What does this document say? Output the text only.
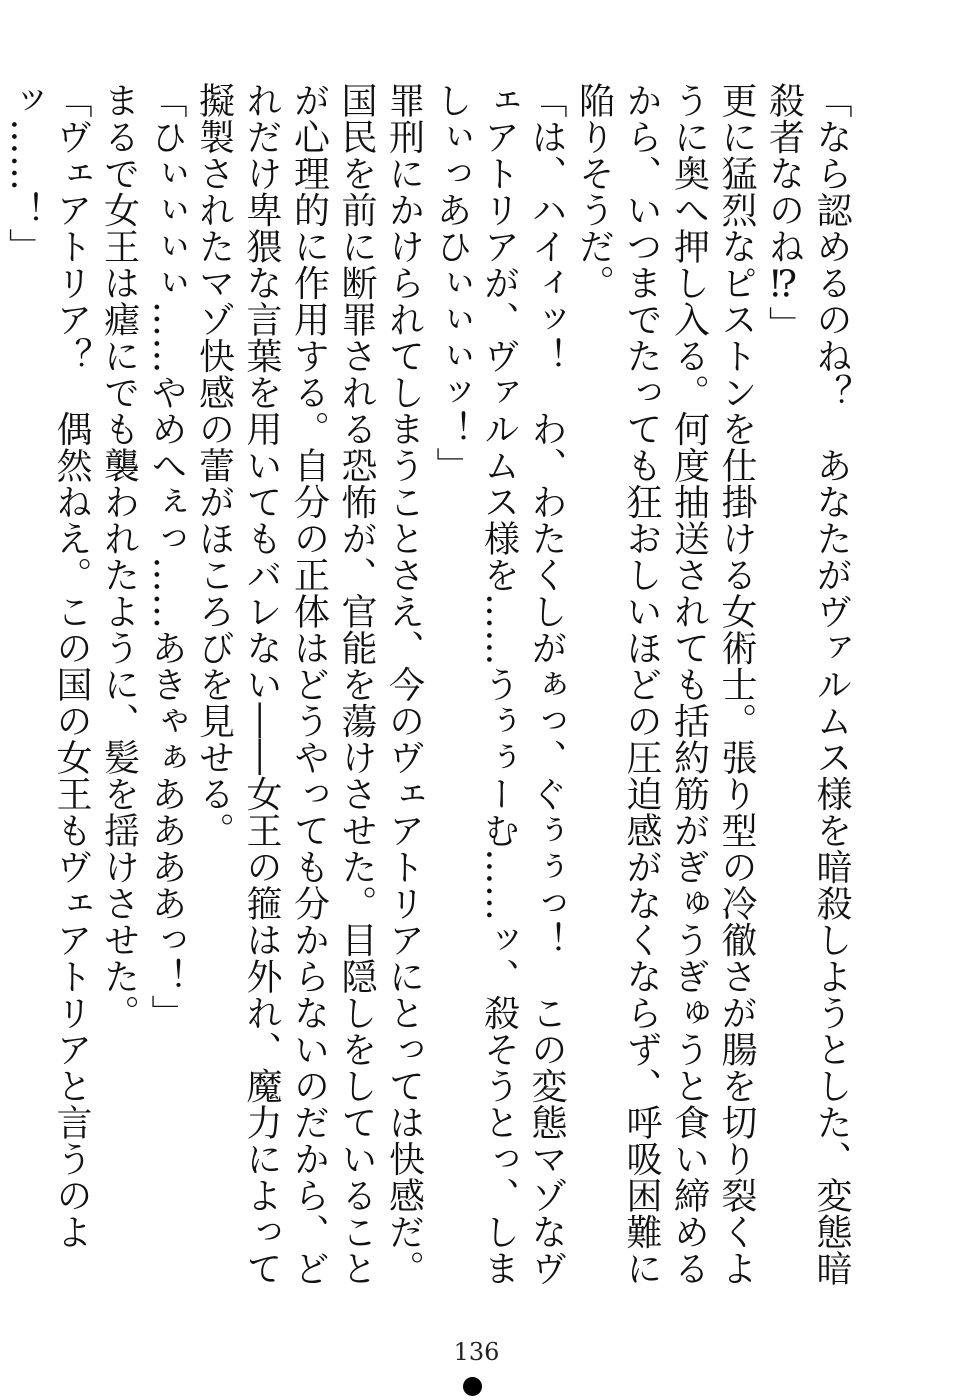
「なら認めるのね？　あなたがヴァルムス様を暗殺しようとした、変態暗殺者なのね⁉」

更に猛烈なピストンを仕掛ける女術士。張り型の冷徹さが腸を切り裂くように奥へ押し入る。何度抽送されても括約筋がぎゅうぎゅうと食い締めるから、いつまでたっても狂おしいほどの圧迫感がなくならず、呼吸困難に陥りそうだ。

「は、ハイィッ！　わ、わたくしがぁっ、ぐぅぅっ！　この変態マゾなヴェアトリアが、ヴァルムス様を……うぅぅーむ……ッ、殺そうとっ、しましぃっあひぃぃぃッ！」

罪刑にかけられてしまうことさえ、今のヴェアトリアにとっては快感だ。国民を前に断罪される恐怖が、官能を蕩けさせた。目隠しをしていることが心理的に作用する。自分の正体はどうやっても分からないのだから、どれだけ卑猥な言葉を用いてもバレない――女王の箍は外れ、魔力によって擬製されたマゾ快感の蕾がほころびを見せる。

「ひぃぃぃぃ……やめへぇっ……あきゃぁああああっ！」

まるで女王は瘧にでも襲われたように、髪を揺けさせた。

「ヴェアトリア？　偶然ねえ。この国の女王もヴェアトリアと言うのよッ……！」

136
